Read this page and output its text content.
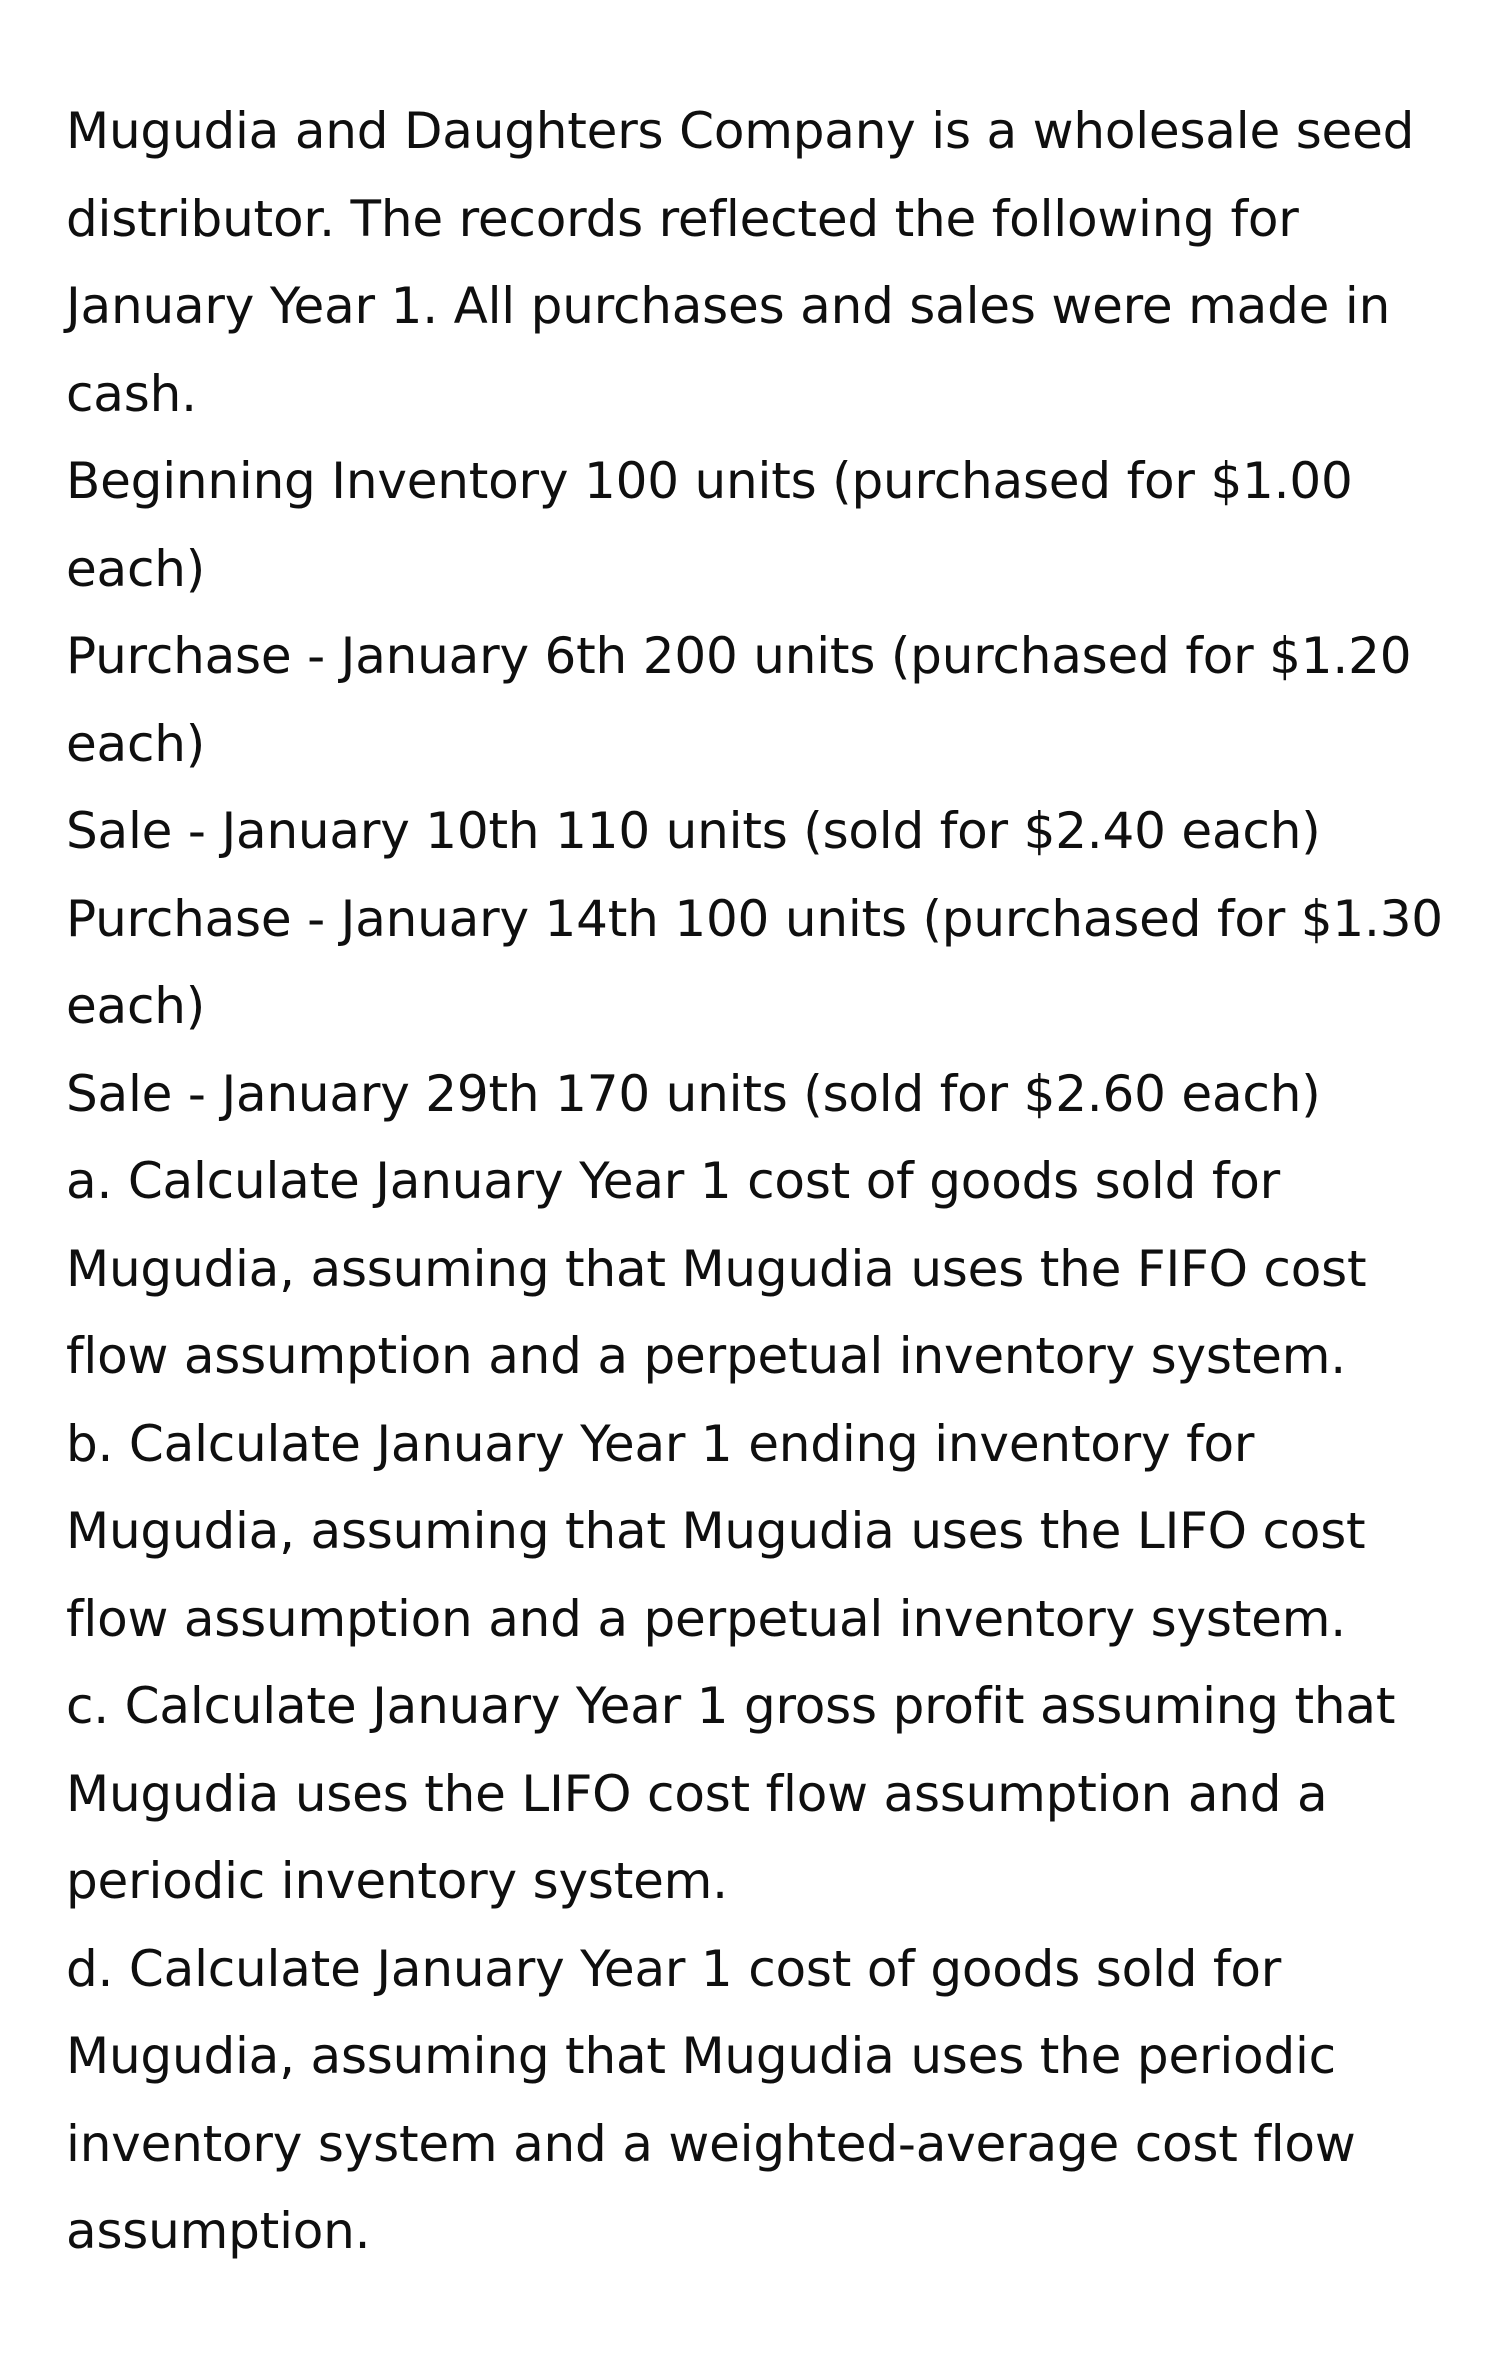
Mugudia and Daughters Company is a wholesale seed distributor. The records reflected the following for January Year 1. All purchases and sales were made in cash.

Beginning Inventory 100 units (purchased for $1.00 each)

Purchase - January 6th 200 units (purchased for $1.20 each)

Sale - January 10th 110 units (sold for $2.40 each)

Purchase - January 14th 100 units (purchased for $1.30 each)

Sale - January 29th 170 units (sold for $2.60 each)

a. Calculate January Year 1 cost of goods sold for Mugudia, assuming that Mugudia uses the FIFO cost flow assumption and a perpetual inventory system.

b. Calculate January Year 1 ending inventory for Mugudia, assuming that Mugudia uses the LIFO cost flow assumption and a perpetual inventory system.

c. Calculate January Year 1 gross profit assuming that Mugudia uses the LIFO cost flow assumption and a periodic inventory system.

d. Calculate January Year 1 cost of goods sold for Mugudia, assuming that Mugudia uses the periodic inventory system and a weighted-average cost flow assumption.
